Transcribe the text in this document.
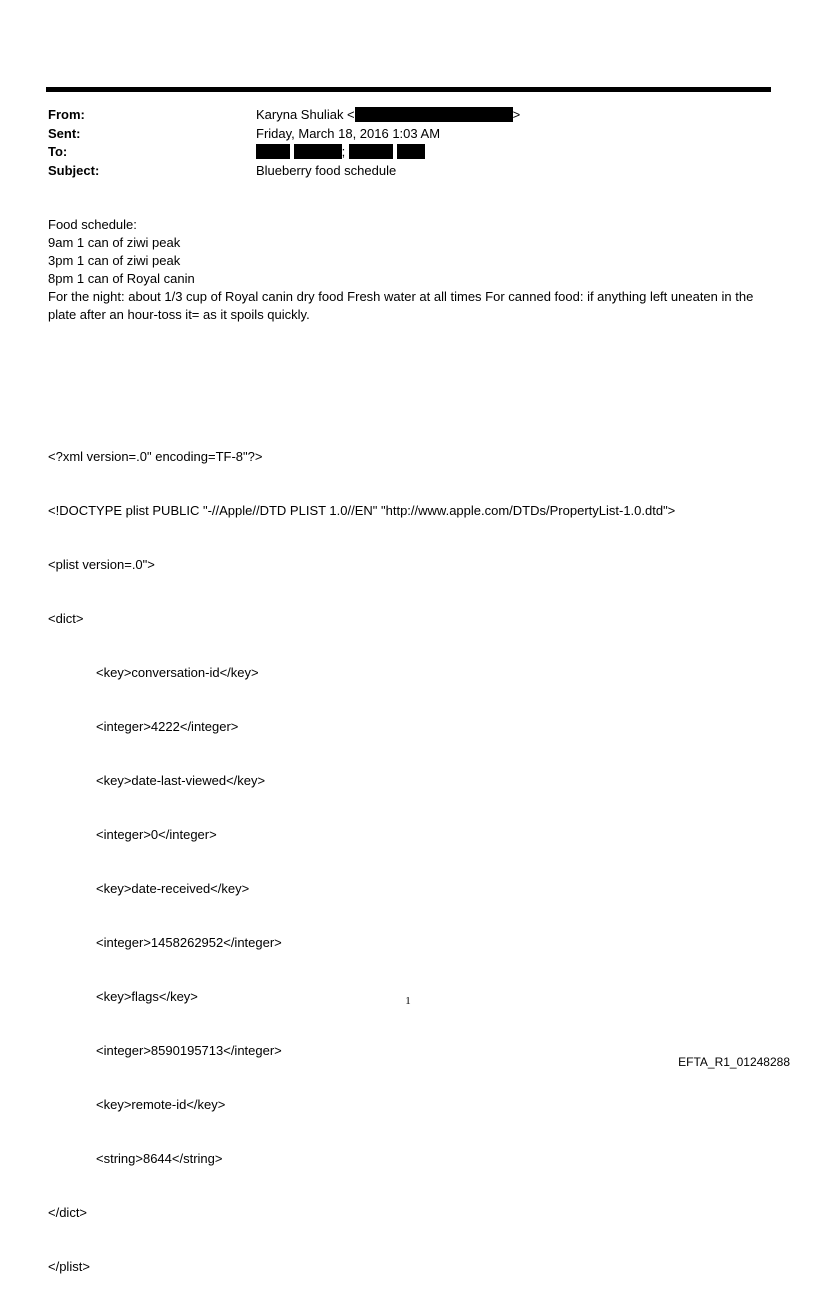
From:	Karyna Shuliak <	>
Sent:	Friday, March 18, 2016 1:03 AM
To:	;
Subject:	Blueberry food schedule

Food schedule:

9am 1 can of ziwi peak

3pm 1 can of ziwi peak

8pm 1 can of Royal canin

For the night: about 1/3 cup of Royal canin dry food Fresh water at all times For canned food: if anything left uneaten in the plate after an hour-toss it= as it spoils quickly.

<?xml version=.0" encoding=TF-8"?>

<!DOCTYPE plist PUBLIC "-//Apple//DTD PLIST 1.0//EN" "http://www.apple.com/DTDs/PropertyList-1.0.dtd">

<plist version=.0">

<dict>

<key>conversation-id</key>

<integer>4222</integer>

<key>date-last-viewed</key>

<integer>0</integer>

<key>date-received</key>

<integer>1458262952</integer>

<key>flags</key>

<integer>8590195713</integer>

<key>remote-id</key>

<string>8644</string>

</dict>

</plist>

1
EFTA_R1_01248288
